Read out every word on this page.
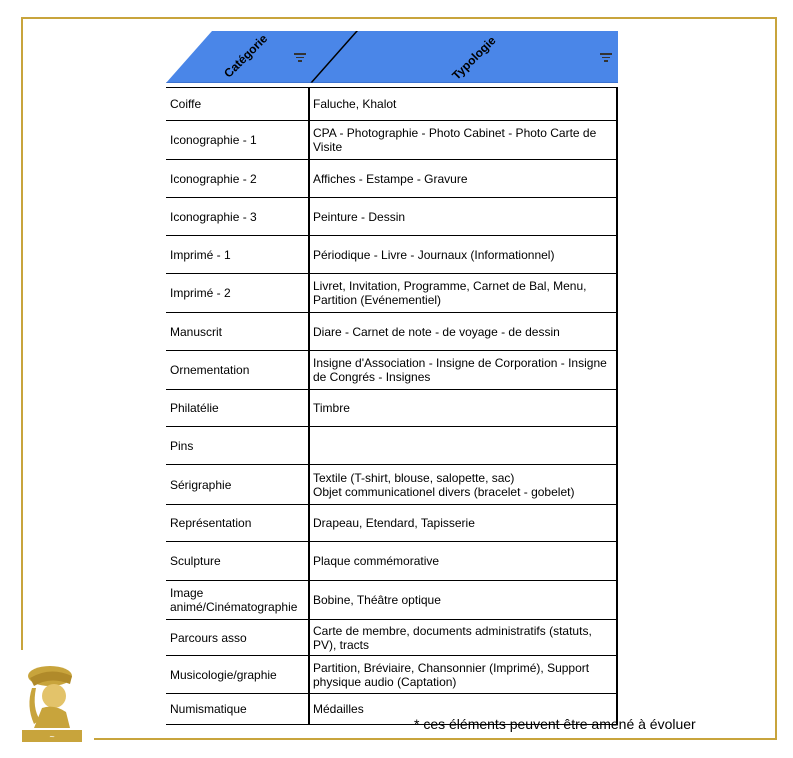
~
Catégorie	Typologie
Coiffe	Faluche, Khalot
Iconographie - 1	CPA - Photographie - Photo Cabinet - Photo Carte de Visite
Iconographie - 2	Affiches - Estampe - Gravure
Iconographie - 3	Peinture - Dessin
Imprimé - 1	Périodique - Livre - Journaux (Informationnel)
Imprimé - 2	Livret, Invitation, Programme, Carnet de Bal, Menu, Partition (Evénementiel)
Manuscrit	Diare - Carnet de note - de voyage - de dessin
Ornementation	Insigne d'Association - Insigne de Corporation - Insigne de Congrés - Insignes
Philatélie	Timbre
Pins
Sérigraphie	Textile (T-shirt, blouse, salopette, sac)
Objet communicationel divers (bracelet - gobelet)
Représentation	Drapeau, Etendard, Tapisserie
Sculpture	Plaque commémorative
Image animé/Cinématographie	Bobine, Théâtre optique
Parcours asso	Carte de membre, documents administratifs (statuts, PV), tracts
Musicologie/graphie	Partition, Bréviaire, Chansonnier (Imprimé), Support physique audio (Captation)
Numismatique	Médailles
* ces éléments peuvent être amené à évoluer
